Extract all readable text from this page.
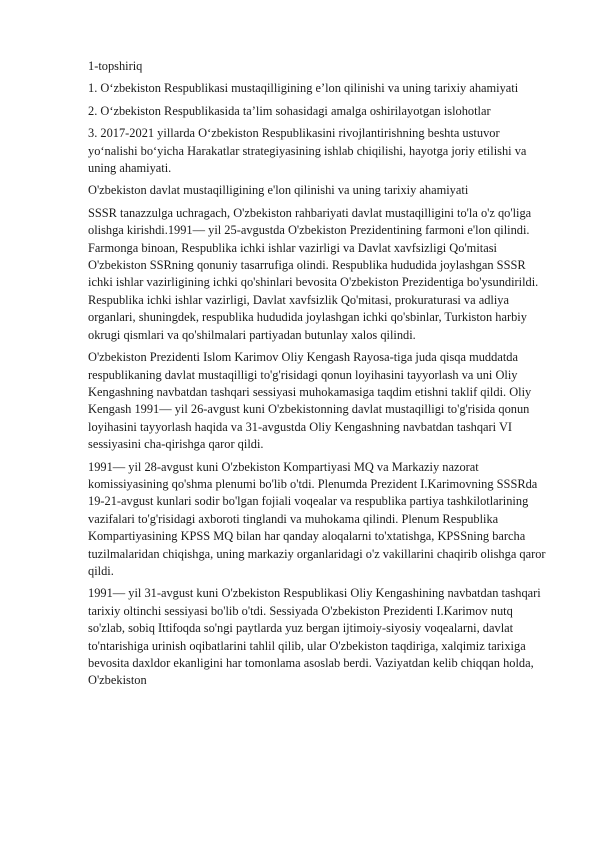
1-topshiriq

1. O‘zbekiston Respublikasi mustaqilligining e’lon qilinishi va uning tarixiy ahamiyati

2. O‘zbekiston Respublikasida ta’lim sohasidagi amalga oshirilayotgan islohotlar

3. 2017-2021 yillarda O‘zbekiston Respublikasini rivojlantirishning beshta ustuvor yo‘nalishi bo‘yicha Harakatlar strategiyasining ishlab chiqilishi, hayotga joriy etilishi va uning ahamiyati.

O'zbekiston davlat mustaqilligining e'lon qilinishi va uning tarixiy ahamiyati

SSSR tanazzulga uchragach, O'zbekiston rahbariyati davlat mustaqilligini to'la o'z qo'liga olishga kirishdi.1991— yil 25-avgustda O'zbekiston Prezidentining farmoni e'lon qilindi. Farmonga binoan, Respublika ichki ishlar vazirligi va Davlat xavfsizligi Qo'mitasi O'zbekiston SSRning qonuniy tasarrufiga olindi. Respublika hududida joylashgan SSSR ichki ishlar vazirligining ichki qo'shinlari bevosita O'zbekiston Prezidentiga bo'ysundirildi. Respublika ichki ishlar vazirligi, Davlat xavfsizlik Qo'mitasi, prokuraturasi va adliya organlari, shuningdek, respublika hududida joylashgan ichki qo'sbinlar, Turkiston harbiy okrugi qismlari va qo'shilmalari partiyadan butunlay xalos qilindi.

O'zbekiston Prezidenti Islom Karimov Oliy Kengash Rayosa-tiga juda qisqa muddatda respublikaning davlat mustaqilligi to'g'risidagi qonun loyihasini tayyorlash va uni Oliy Kengashning navbatdan tashqari sessiyasi muhokamasiga taqdim etishni taklif qildi. Oliy Kengash 1991— yil 26-avgust kuni O'zbekistonning davlat mustaqilligi to'g'risida qonun loyihasini tayyorlash haqida va 31-avgustda Oliy Kengashning navbatdan tashqari VI sessiyasini cha-qirishga qaror qildi.

1991— yil 28-avgust kuni O'zbekiston Kompartiyasi MQ va Markaziy nazorat komissiyasining qo'shma plenumi bo'lib o'tdi. Plenumda Prezident I.Karimovning SSSRda 19-21-avgust kunlari sodir bo'lgan fojiali voqealar va respublika partiya tashkilotlarining vazifalari to'g'risidagi axboroti tinglandi va muhokama qilindi. Plenum Respublika Kompartiyasining KPSS MQ bilan har qanday aloqalarni to'xtatishga, KPSSning barcha tuzilmalaridan chiqishga, uning markaziy organlaridagi o'z vakillarini chaqirib olishga qaror qildi.

1991— yil 31-avgust kuni O'zbekiston Respublikasi Oliy Kengashining navbatdan tashqari tarixiy oltinchi sessiyasi bo'lib o'tdi. Sessiyada O'zbekiston Prezidenti I.Karimov nutq so'zlab, sobiq Ittifoqda so'ngi paytlarda yuz bergan ijtimoiy-siyosiy voqealarni, davlat to'ntarishiga urinish oqibatlarini tahlil qilib, ular O'zbekiston taqdiriga, xalqimiz tarixiga bevosita daxldor ekanligini har tomonlama asoslab berdi. Vaziyatdan kelib chiqqan holda, O'zbekiston
